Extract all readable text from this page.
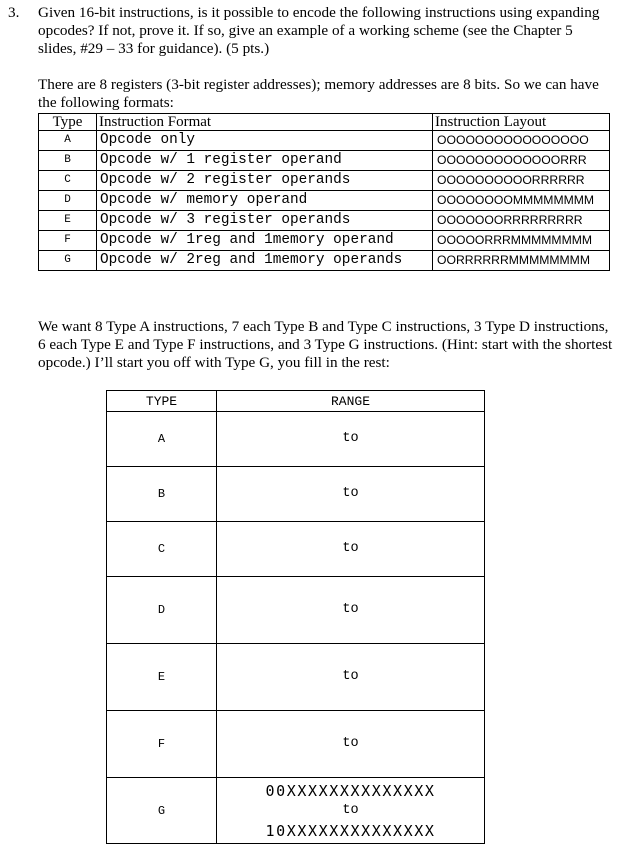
3. Given 16-bit instructions, is it possible to encode the following instructions using expanding opcodes? If not, prove it. If so, give an example of a working scheme (see the Chapter 5 slides, #29 – 33 for guidance). (5 pts.)
There are 8 registers (3-bit register addresses); memory addresses are 8 bits. So we can have the following formats:
Type	Instruction Format	Instruction Layout
A	Opcode only	OOOOOOOOOOOOOOOO
B	Opcode w/ 1 register operand	OOOOOOOOOOOOORRR
C	Opcode w/ 2 register operands	OOOOOOOOOORRRRRR
D	Opcode w/ memory operand	OOOOOOOOMMMMMMMM
E	Opcode w/ 3 register operands	OOOOOOORRRRRRRRR
F	Opcode w/ 1reg and 1memory operand	OOOOORRRMMMMMMMM
G	Opcode w/ 2reg and 1memory operands	OORRRRRRMMMMMMMM
We want 8 Type A instructions, 7 each Type B and Type C instructions, 3 Type D instructions, 6 each Type E and Type F instructions, and 3 Type G instructions. (Hint: start with the shortest opcode.) I’ll start you off with Type G, you fill in the rest:
TYPE	RANGE
A	to

B	to

C	to

D	to

E	to

F	to

G	00XXXXXXXXXXXXXX
to
10XXXXXXXXXXXXXX
